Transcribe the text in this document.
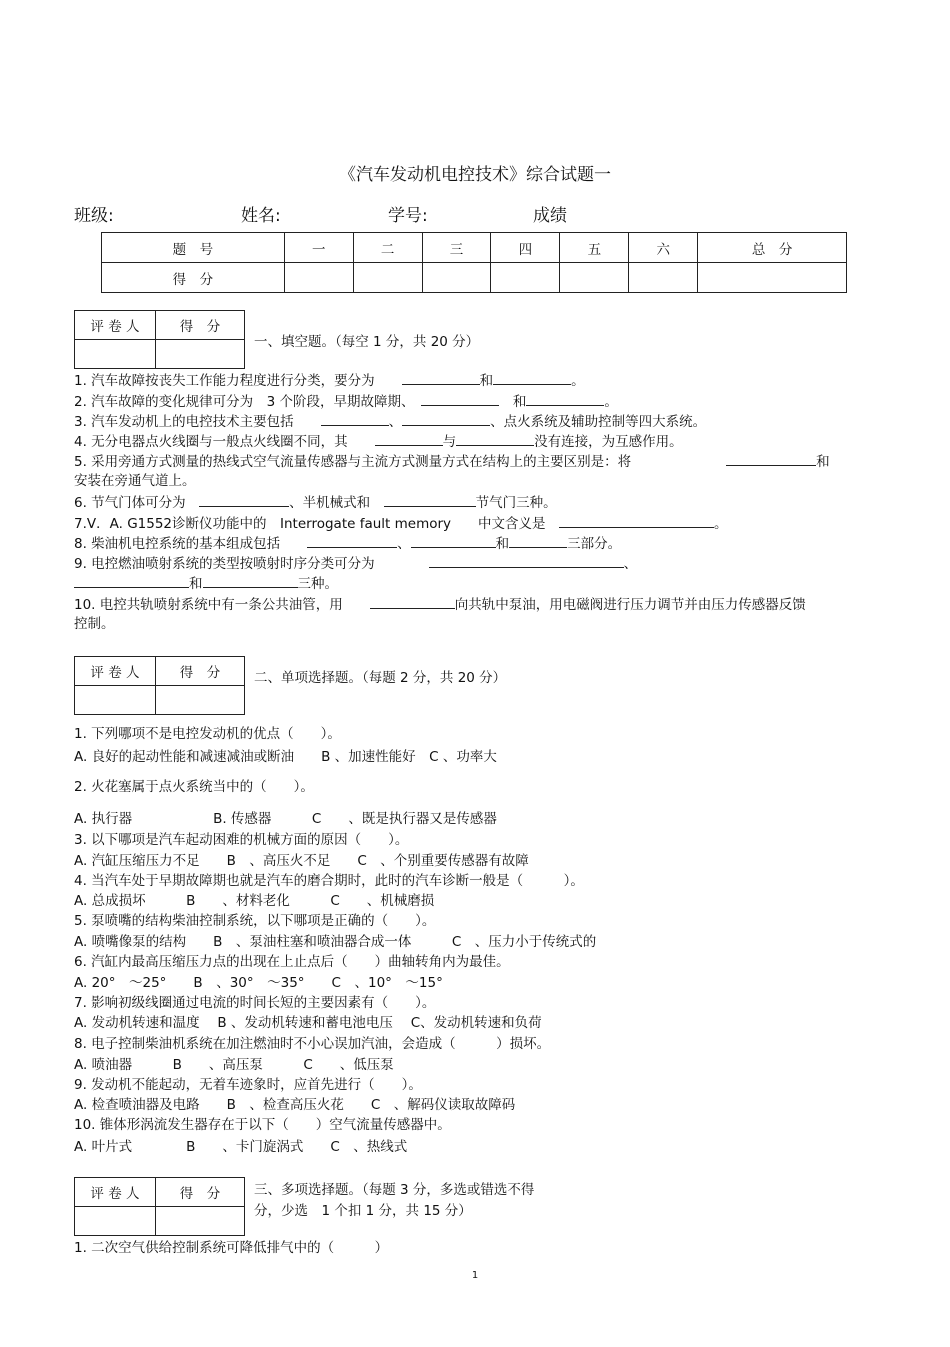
《汽车发动机电控技术》综合试题一
班级:	姓名:	学号:	成绩
题　号	一	二	三	四	五	六	总　分
得　分							
评 卷 人	得　分

一、填空题。（每空 1 分，共 20 分）
1. 汽车故障按丧失工作能力程度进行分类，要分为　　	和	。
2. 汽车故障的变化规律可分为　3 个阶段，早期故障期、　　	和	。
3. 汽车发动机上的电控技术主要包括　　	、	、点火系统及辅助控制等四大系统。
4. 无分电器点火线圈与一般点火线圈不同，其　　	与	没有连接，为互感作用。
5. 采用旁通方式测量的热线式空气流量传感器与主流方式测量方式在结构上的主要区别是：将	和
安装在旁通气道上。
6. 节气门体可分为　	、半机械式和　	节气门三种。
7.V．A. G1552诊断仪功能中的　Interrogate fault memory　　中文含义是　	。
8. 柴油机电控系统的基本组成包括　　	、	和	三部分。
9. 电控燃油喷射系统的类型按喷射时序分类可分为　　　　	、
和	三种。
10. 电控共轨喷射系统中有一条公共油管，用　　	向共轨中泵油，用电磁阀进行压力调节并由压力传感器反馈
控制。
评 卷 人	得　分
		二、单项选择题。（每题 2 分，共 20 分）
1. 下列哪项不是电控发动机的优点（　　）。
A. 良好的起动性能和减速减油或断油　　B 、加速性能好　C 、功率大
2. 火花塞属于点火系统当中的（　　）。
A. 执行器　　　　　　B. 传感器　　　C　　、既是执行器又是传感器
3. 以下哪项是汽车起动困难的机械方面的原因（　　）。
A. 汽缸压缩压力不足　　B　、高压火不足　　C　、个别重要传感器有故障
4. 当汽车处于早期故障期也就是汽车的磨合期时，此时的汽车诊断一般是（　　　）。
A. 总成损坏　　　B　　、材料老化　　　C　　、机械磨损
5. 泵喷嘴的结构柴油控制系统，以下哪项是正确的（　　）。
A. 喷嘴像泵的结构　　B　、泵油柱塞和喷油器合成一体　　　C　、压力小于传统式的
6. 汽缸内最高压缩压力点的出现在上止点后（　　）曲轴转角内为最佳。
A. 20°　～25°　　B　、30°　～35°　　C　、10°　～15°
7. 影响初级线圈通过电流的时间长短的主要因素有（　　）。
A. 发动机转速和温度　 B 、发动机转速和蓄电池电压　 C、发动机转速和负荷
8. 电子控制柴油机系统在加注燃油时不小心误加汽油，会造成（　　　）损坏。
A. 喷油器　　　B　　、高压泵　　　C　　、低压泵
9. 发动机不能起动，无着车迹象时，应首先进行（　　）。
A. 检查喷油器及电路　　B　、检查高压火花　　C　、解码仪读取故障码
10. 锥体形涡流发生器存在于以下（　　）空气流量传感器中。
A. 叶片式　　　　B　　、卡门旋涡式　　C　、热线式
评 卷 人	得　分
		三、多项选择题。（每题 3 分，多选或错选不得
分，少选　1 个扣 1 分，共 15 分）
1. 二次空气供给控制系统可降低排气中的（　　　）
1
